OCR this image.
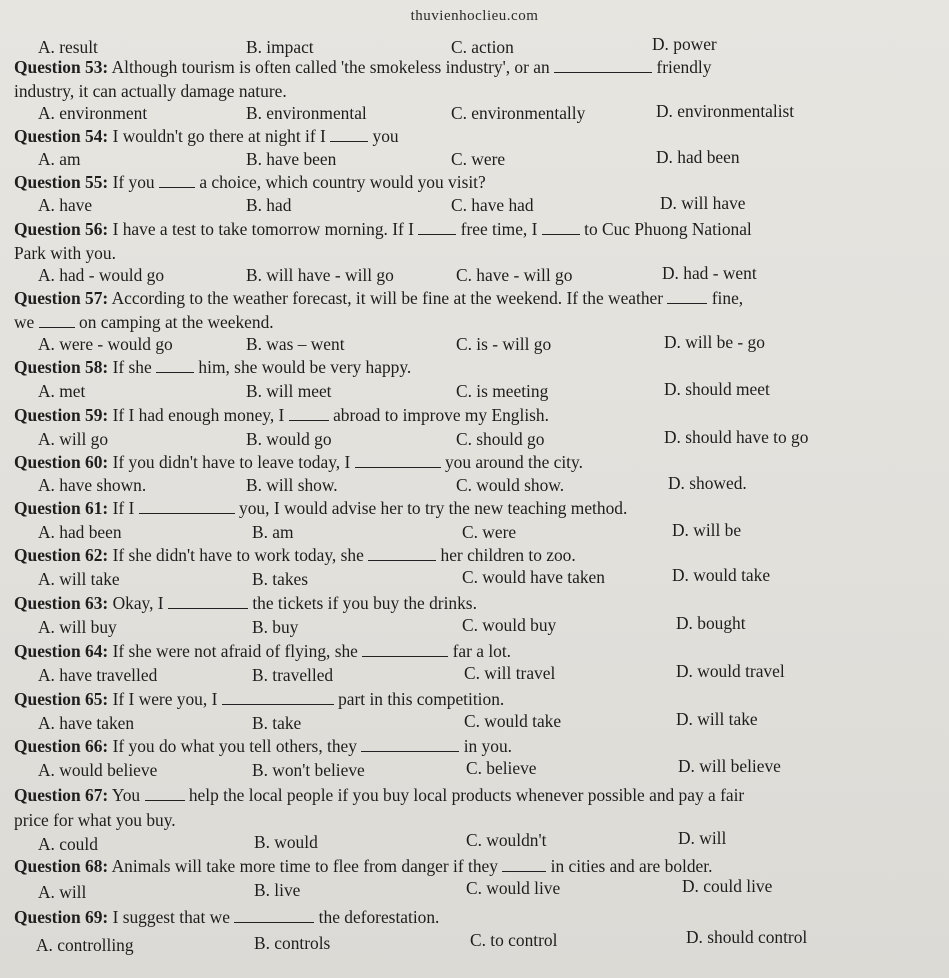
thuvienhoclieu.com
A. result	B. impact	C. action	D. power
Question 53: Although tourism is often called 'the smokeless industry', or an	friendly
industry, it can actually damage nature.
A. environment	B. environmental	C. environmentally	D. environmentalist
Question 54: I wouldn't go there at night if I	you
A. am	B. have been	C. were	D. had been
Question 55: If you	a choice, which country would you visit?
A. have	B. had	C. have had	D. will have
Question 56: I have a test to take tomorrow morning. If I	free time, I	to Cuc Phuong National
Park with you.
A. had - would go	B. will have - will go	C. have - will go	D. had - went
Question 57: According to the weather forecast, it will be fine at the weekend. If the weather	fine,
we	on camping at the weekend.
A. were - would go	B. was – went	C. is - will go	D. will be - go
Question 58: If she	him, she would be very happy.
A. met	B. will meet	C. is meeting	D. should meet
Question 59: If I had enough money, I	abroad to improve my English.
A. will go	B. would go	C. should go	D. should have to go
Question 60: If you didn't have to leave today, I	you around the city.
A. have shown.	B. will show.	C. would show.	D. showed.
Question 61: If I	you, I would advise her to try the new teaching method.
A. had been	B. am	C. were	D. will be
Question 62: If she didn't have to work today, she	her children to zoo.
A. will take	B. takes	C. would have taken	D. would take
Question 63: Okay, I	the tickets if you buy the drinks.
A. will buy	B. buy	C. would buy	D. bought
Question 64: If she were not afraid of flying, she	far a lot.
A. have travelled	B. travelled	C. will travel	D. would travel
Question 65: If I were you, I	part in this competition.
A. have taken	B. take	C. would take	D. will take
Question 66: If you do what you tell others, they	in you.
A. would believe	B. won't believe	C. believe	D. will believe
Question 67: You	help the local people if you buy local products whenever possible and pay a fair
price for what you buy.
A. could	B. would	C. wouldn't	D. will
Question 68: Animals will take more time to flee from danger if they	in cities and are bolder.
A. will	B. live	C. would live	D. could live
Question 69: I suggest that we	the deforestation.
A. controlling	B. controls	C. to control	D. should control
